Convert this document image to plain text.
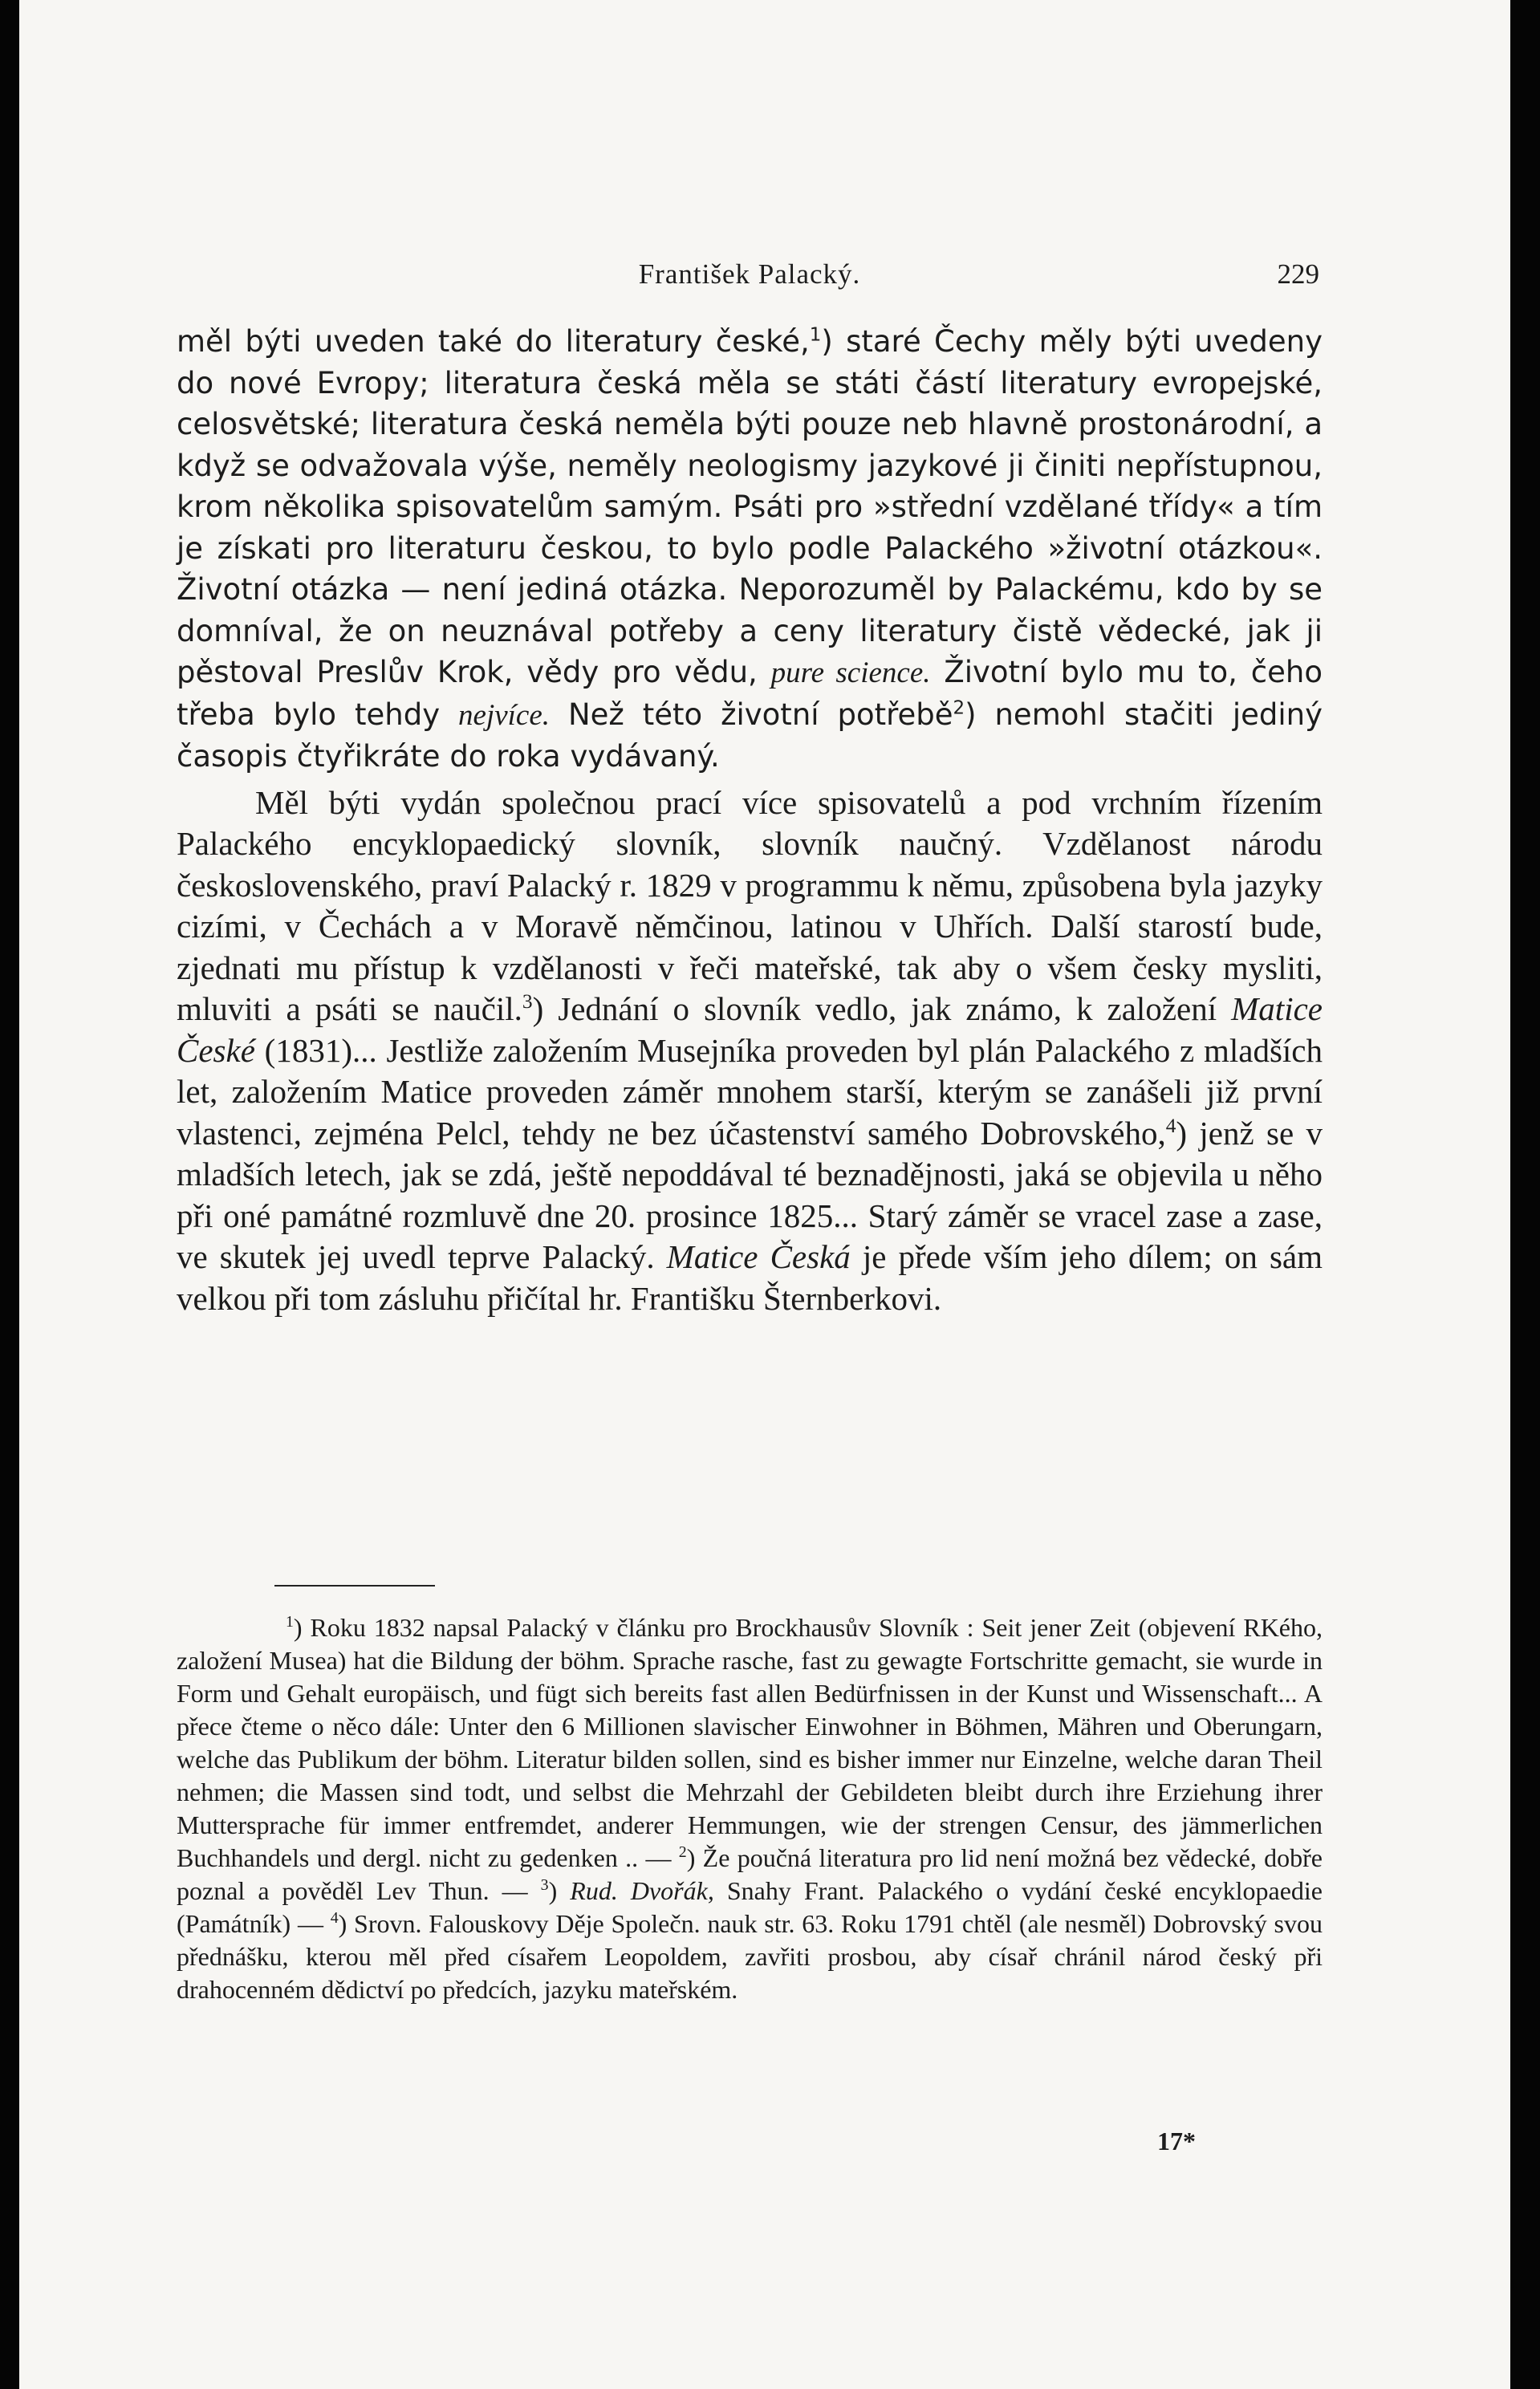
František Palacký.	229

měl býti uveden také do literatury české,$^1$) staré Čechy měly býti uvedeny do nové Evropy; literatura česká měla se státi částí literatury evropejské, celosvětské; literatura česká neměla býti pouze neb hlavně prostonárodní, a když se odvažovala výše, neměly neologismy jazykové ji činiti nepřístupnou, krom několika spisovatelům samým. Psáti pro »střední vzdělané třídy« a tím je získati pro literaturu českou, to bylo podle Palackého »životní otázkou«. Životní otázka — není jediná otázka. Neporozuměl by Palackému, kdo by se domníval, že on neuznával potřeby a ceny literatury čistě vědecké, jak ji pěstoval Preslův Krok, vědy pro vědu, pure science. Životní bylo mu to, čeho třeba bylo tehdy nejvíce. Než této životní potřebě$^2$) nemohl stačiti jediný časopis čtyřikráte do roka vydávaný.

Měl býti vydán společnou prací více spisovatelů a pod vrchním řízením Palackého encyklopaedický slovník, slovník naučný. Vzdělanost národu československého, praví Palacký r. 1829 v programmu k němu, způsobena byla jazyky cizími, v Čechách a v Moravě němčinou, latinou v Uhřích. Další starostí bude, zjednati mu přístup k vzdělanosti v řeči mateřské, tak aby o všem česky mysliti, mluviti a psáti se naučil.$^3$) Jednání o slovník vedlo, jak známo, k založení Matice České (1831)... Jestliže založením Musejníka proveden byl plán Palackého z mladších let, založením Matice proveden záměr mnohem starší, kterým se zanášeli již první vlastenci, zejména Pelcl, tehdy ne bez účastenství samého Dobrovského,$^4$) jenž se v mladších letech, jak se zdá, ještě nepoddával té beznadějnosti, jaká se objevila u něho při oné památné rozmluvě dne 20. prosince 1825... Starý záměr se vracel zase a zase, ve skutek jej uvedl teprve Palacký. Matice Česká je přede vším jeho dílem; on sám velkou při tom zásluhu přičítal hr. Františku Šternberkovi.

$^1$) Roku 1832 napsal Palacký v článku pro Brockhausův Slovník : Seit jener Zeit (objevení RKého, založení Musea) hat die Bildung der böhm. Sprache rasche, fast zu gewagte Fortschritte gemacht, sie wurde in Form und Gehalt europäisch, und fügt sich bereits fast allen Bedürfnissen in der Kunst und Wissenschaft... A přece čteme o něco dále: Unter den 6 Millionen slavischer Einwohner in Böhmen, Mähren und Oberungarn, welche das Publikum der böhm. Literatur bilden sollen, sind es bisher immer nur Einzelne, welche daran Theil nehmen; die Massen sind todt, und selbst die Mehrzahl der Gebildeten bleibt durch ihre Erziehung ihrer Muttersprache für immer entfremdet, anderer Hemmungen, wie der strengen Censur, des jämmerlichen Buchhandels und dergl. nicht zu gedenken .. — $^2$) Že poučná literatura pro lid není možná bez vědecké, dobře poznal a pověděl Lev Thun. — $^3$) Rud. Dvořák, Snahy Frant. Palackého o vydání české encyklopaedie (Památník) — $^4$) Srovn. Falouskovy Děje Společn. nauk str. 63. Roku 1791 chtěl (ale nesměl) Dobrovský svou přednášku, kterou měl před císařem Leopoldem, zavřiti prosbou, aby císař chránil národ český při drahocenném dědictví po předcích, jazyku mateřském.

17*
